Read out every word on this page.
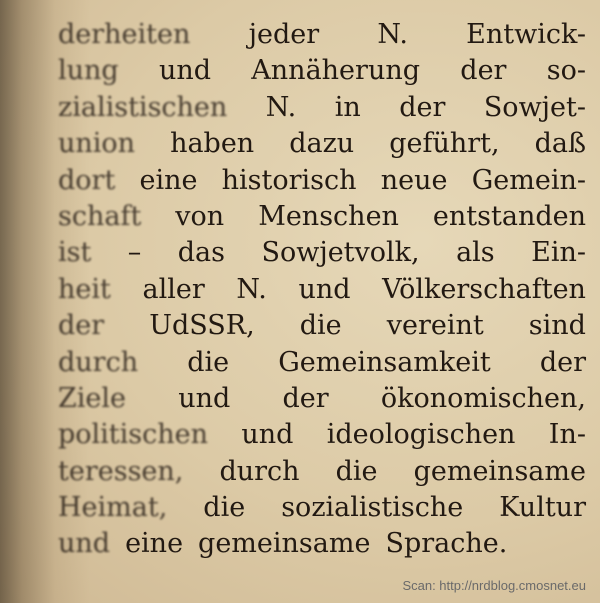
derheiten jeder N. Entwick-
lung und Annäherung der so-
zialistischen N. in der Sowjet-
union haben dazu geführt, daß
dort eine historisch neue Gemein-
schaft von Menschen entstanden
ist – das Sowjetvolk, als Ein-
heit aller N. und Völkerschaften
der UdSSR, die vereint sind
durch die Gemeinsamkeit der
Ziele und der ökonomischen,
politischen und ideologischen In-
teressen, durch die gemeinsame
Heimat, die sozialistische Kultur
und eine gemeinsame Sprache.
Scan: http://nrdblog.cmosnet.eu
